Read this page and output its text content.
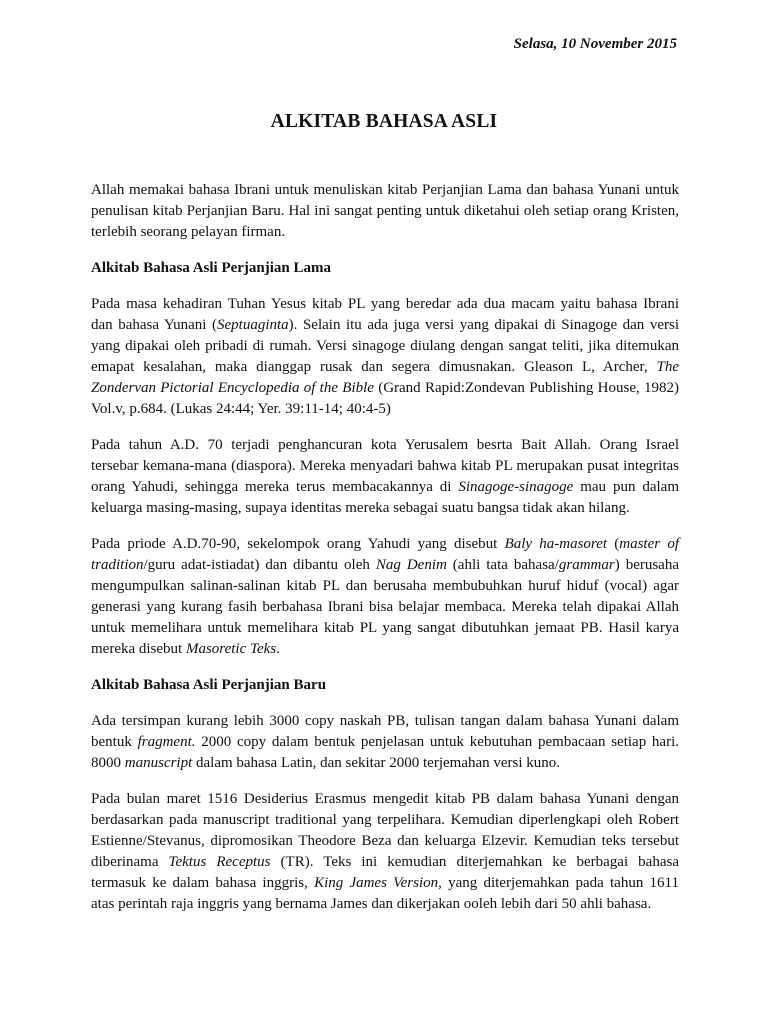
Selasa, 10 November 2015
ALKITAB BAHASA ASLI

Allah memakai bahasa Ibrani untuk menuliskan kitab Perjanjian Lama dan bahasa Yunani untuk
penulisan kitab Perjanjian Baru. Hal ini sangat penting untuk diketahui oleh setiap orang Kristen,
terlebih seorang pelayan firman.

Alkitab Bahasa Asli Perjanjian Lama

Pada masa kehadiran Tuhan Yesus kitab PL yang beredar ada dua macam yaitu bahasa Ibrani
dan bahasa Yunani (Septuaginta). Selain itu ada juga versi yang dipakai di Sinagoge dan versi
yang dipakai oleh pribadi di rumah. Versi sinagoge diulang dengan sangat teliti, jika ditemukan
emapat kesalahan, maka dianggap rusak dan segera dimusnakan. Gleason L, Archer, The
Zondervan Pictorial Encyclopedia of the Bible (Grand Rapid:Zondevan Publishing House, 1982)
Vol.v, p.684. (Lukas 24:44; Yer. 39:11-14; 40:4-5)

Pada tahun A.D. 70 terjadi penghancuran kota Yerusalem besrta Bait Allah. Orang Israel
tersebar kemana-mana (diaspora). Mereka menyadari bahwa kitab PL merupakan pusat integritas
orang Yahudi, sehingga mereka terus membacakannya di Sinagoge-sinagoge mau pun dalam
keluarga masing-masing, supaya identitas mereka sebagai suatu bangsa tidak akan hilang.

Pada priode A.D.70-90, sekelompok orang Yahudi yang disebut Baly ha-masoret (master of
tradition/guru adat-istiadat) dan dibantu oleh Nag Denim (ahli tata bahasa/grammar) berusaha
mengumpulkan salinan-salinan kitab PL dan berusaha membubuhkan huruf hiduf (vocal) agar
generasi yang kurang fasih berbahasa Ibrani bisa belajar membaca. Mereka telah dipakai Allah
untuk memelihara untuk memelihara kitab PL yang sangat dibutuhkan jemaat PB. Hasil karya
mereka disebut Masoretic Teks.

Alkitab Bahasa Asli Perjanjian Baru

Ada tersimpan kurang lebih 3000 copy naskah PB, tulisan tangan dalam bahasa Yunani dalam
bentuk fragment. 2000 copy dalam bentuk penjelasan untuk kebutuhan pembacaan setiap hari.
8000 manuscript dalam bahasa Latin, dan sekitar 2000 terjemahan versi kuno.

Pada bulan maret 1516 Desiderius Erasmus mengedit kitab PB dalam bahasa Yunani dengan
berdasarkan pada manuscript traditional yang terpelihara. Kemudian diperlengkapi oleh Robert
Estienne/Stevanus, dipromosikan Theodore Beza dan keluarga Elzevir. Kemudian teks tersebut
diberinama Tektus Receptus (TR). Teks ini kemudian diterjemahkan ke berbagai bahasa
termasuk ke dalam bahasa inggris, King James Version, yang diterjemahkan pada tahun 1611
atas perintah raja inggris yang bernama James dan dikerjakan ooleh lebih dari 50 ahli bahasa.
